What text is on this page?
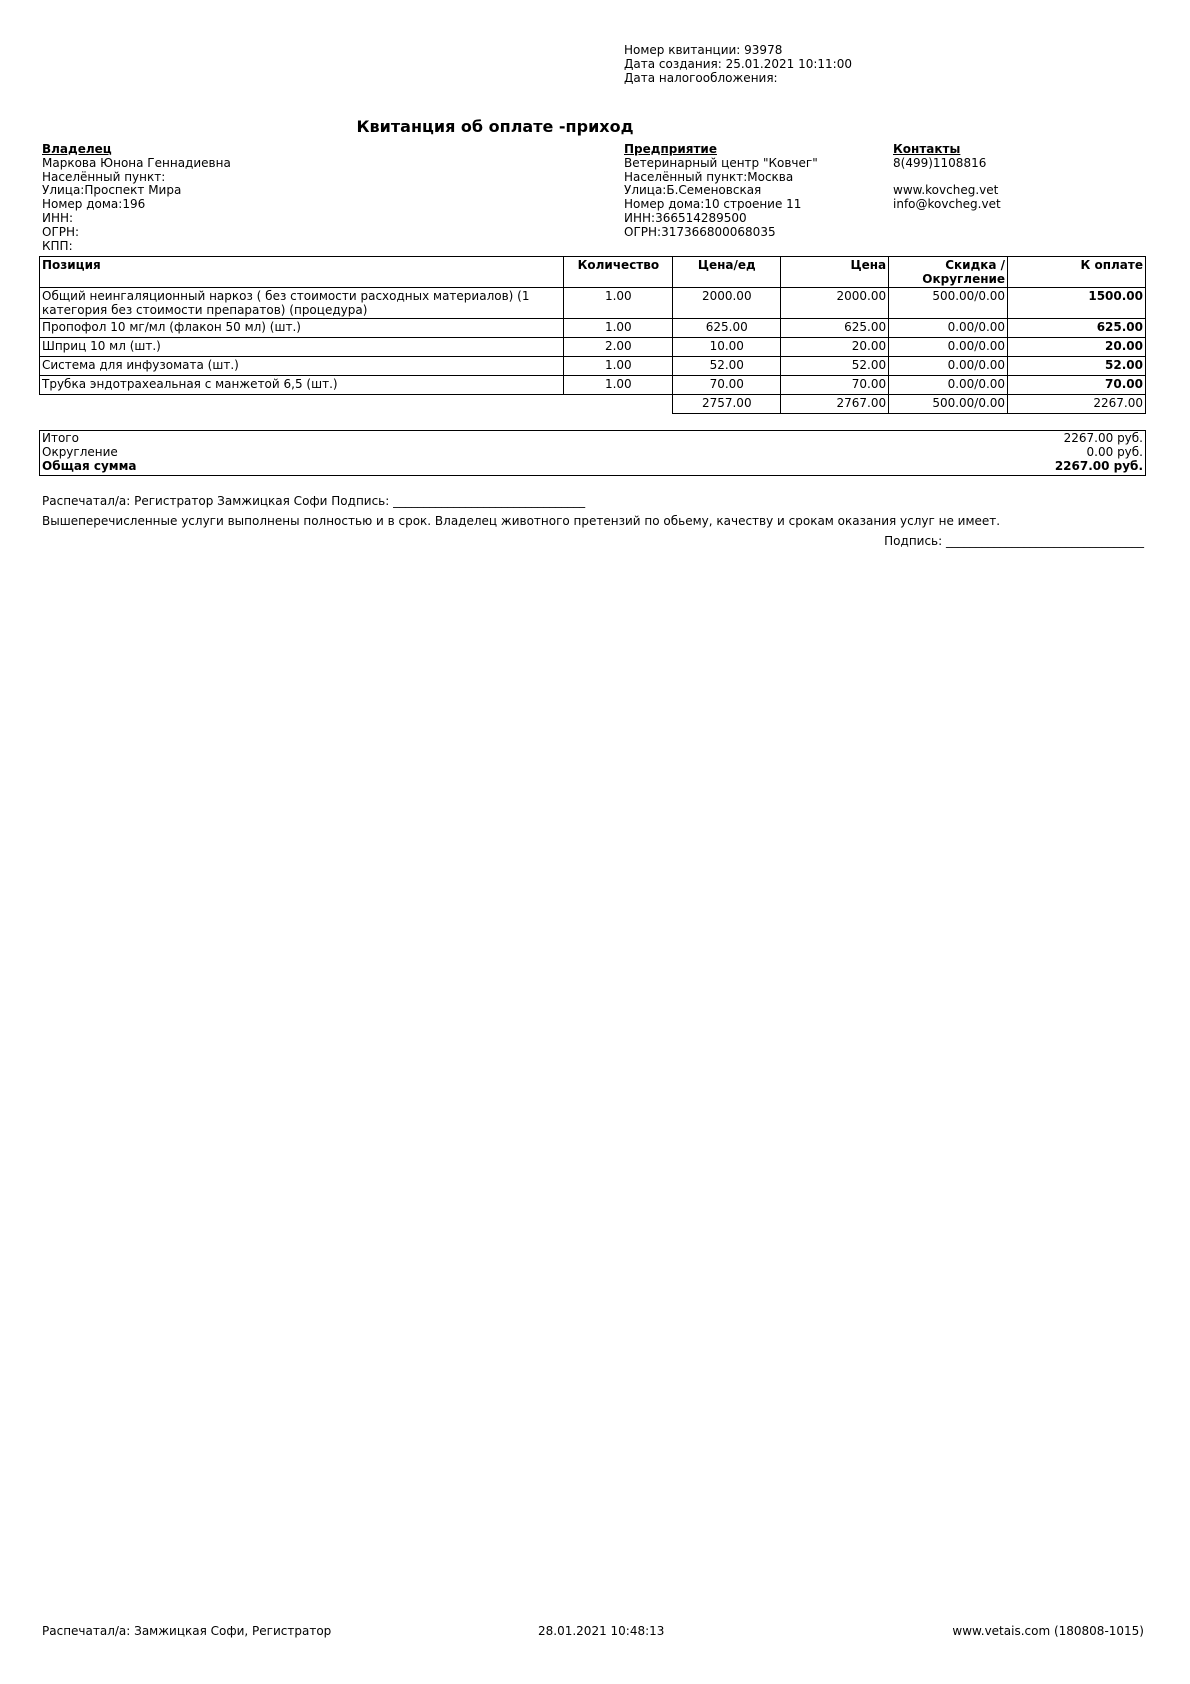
Номер квитанции: 93978
Дата создания: 25.01.2021 10:11:00
Дата налогообложения:
Квитанция об оплате -приход
Владелец
Маркова Юнона Геннадиевна
Населённый пункт:
Улица:Проспект Мира
Номер дома:196
ИНН:
ОГРН:
КПП:
Предприятие
Ветеринарный центр "Ковчег"
Населённый пункт:Москва
Улица:Б.Семеновская
Номер дома:10 строение 11
ИНН:366514289500
ОГРН:317366800068035
Контакты
8(499)1108816

www.kovcheg.vet
info@kovcheg.vet
Позиция	Количество	Цена/ед	Цена	Скидка / Округление	К оплате
Общий неингаляционный наркоз ( без стоимости расходных материалов) (1 категория без стоимости препаратов) (процедура)	1.00	2000.00	2000.00	500.00/0.00	1500.00
Пропофол 10 мг/мл (флакон 50 мл) (шт.)	1.00	625.00	625.00	0.00/0.00	625.00
Шприц 10 мл (шт.)	2.00	10.00	20.00	0.00/0.00	20.00
Система для инфузомата (шт.)	1.00	52.00	52.00	0.00/0.00	52.00
Трубка эндотрахеальная с манжетой 6,5 (шт.)	1.00	70.00	70.00	0.00/0.00	70.00
		2757.00	2767.00	500.00/0.00	2267.00
Итого	2267.00 руб.
Округление	0.00 руб.
Общая сумма	2267.00 руб.
Распечатал/а: Регистратор Замжицкая Софи Подпись: ________________________________
Вышеперечисленные услуги выполнены полностью и в срок. Владелец животного претензий по обьему, качеству и срокам оказания услуг не имеет.
Подпись: _________________________________
Распечатал/а: Замжицкая Софи, Регистратор	28.01.2021 10:48:13	www.vetais.com (180808-1015)
